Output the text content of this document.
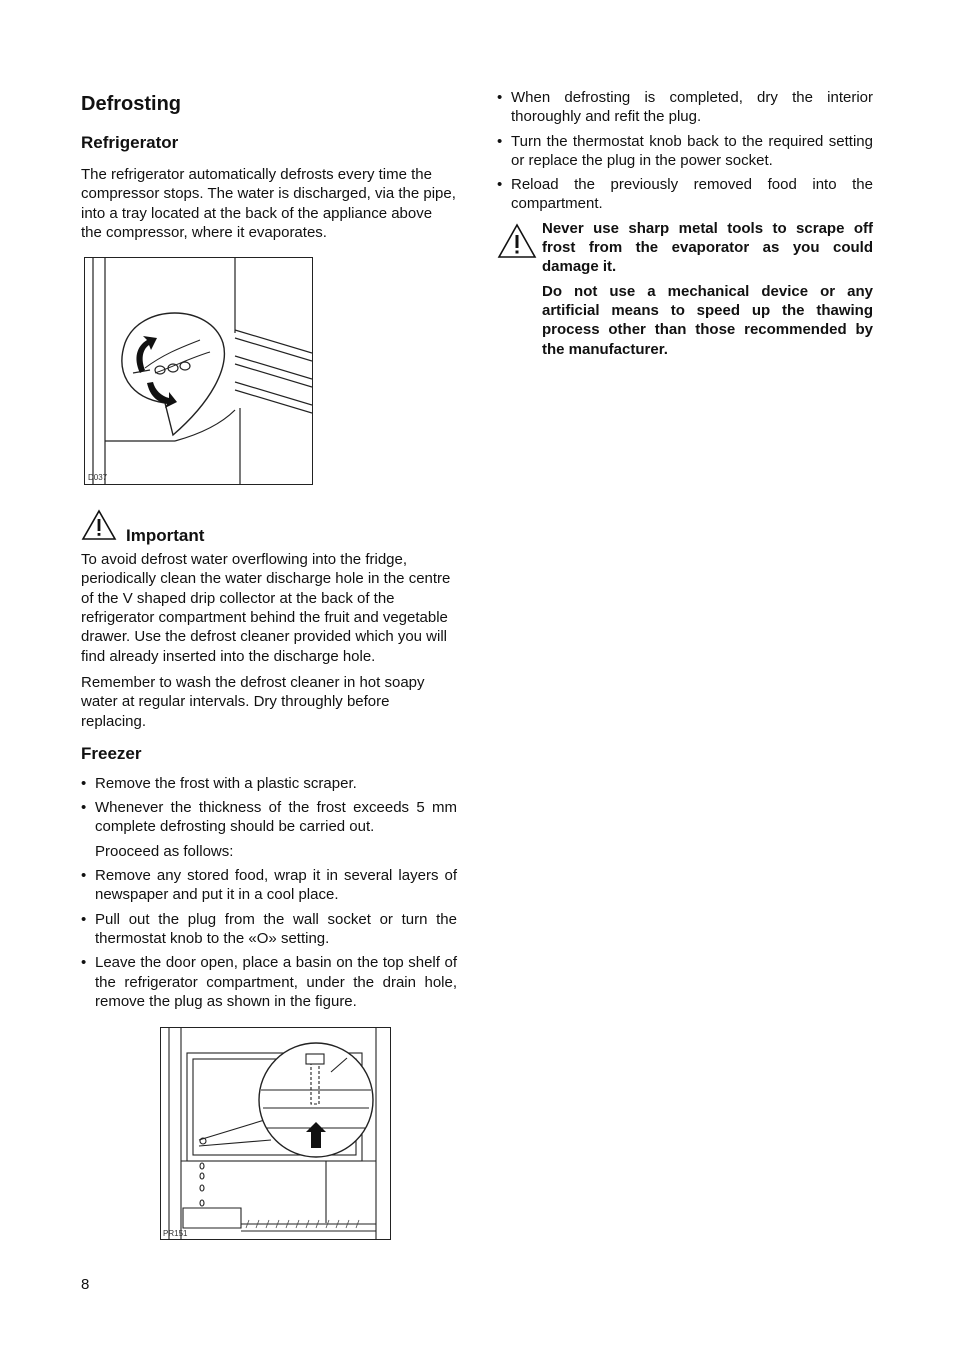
Defrosting
Refrigerator

The refrigerator automatically defrosts every time the compressor stops. The water is discharged, via the pipe, into a tray located at the back of the appliance above the compressor, where it evaporates.

D037
Important

To avoid defrost water overflowing into the fridge, periodically clean the water discharge hole in the centre of the V shaped drip collector at the back of the refrigerator compartment behind the fruit and vegetable drawer. Use the defrost cleaner provided which you will find already inserted into the discharge hole.

Remember to wash the defrost cleaner in hot soapy water at regular intervals. Dry throughly before replacing.

Freezer
• Remove the frost with a plastic scraper.
• Whenever the thickness of the frost exceeds 5 mm complete defrosting should be carried out.
Prooceed as follows:
• Remove any stored food, wrap it in several layers of newspaper and put it in a cool place.
• Pull out the plug from the wall socket or turn the thermostat knob to the «O» setting.
• Leave the door open, place a basin on the top shelf of the refrigerator compartment, under the drain hole, remove the plug as shown in the figure.
PR151
• When defrosting is completed, dry the interior thoroughly and refit the plug.
• Turn the thermostat knob back to the required setting or replace the plug in the power socket.
• Reload the previously removed food into the compartment.

Never use sharp metal tools to scrape off frost from the evaporator as you could damage it.

Do not use a mechanical device or any artificial means to speed up the thawing process other than those recommended by the manufacturer.

8
